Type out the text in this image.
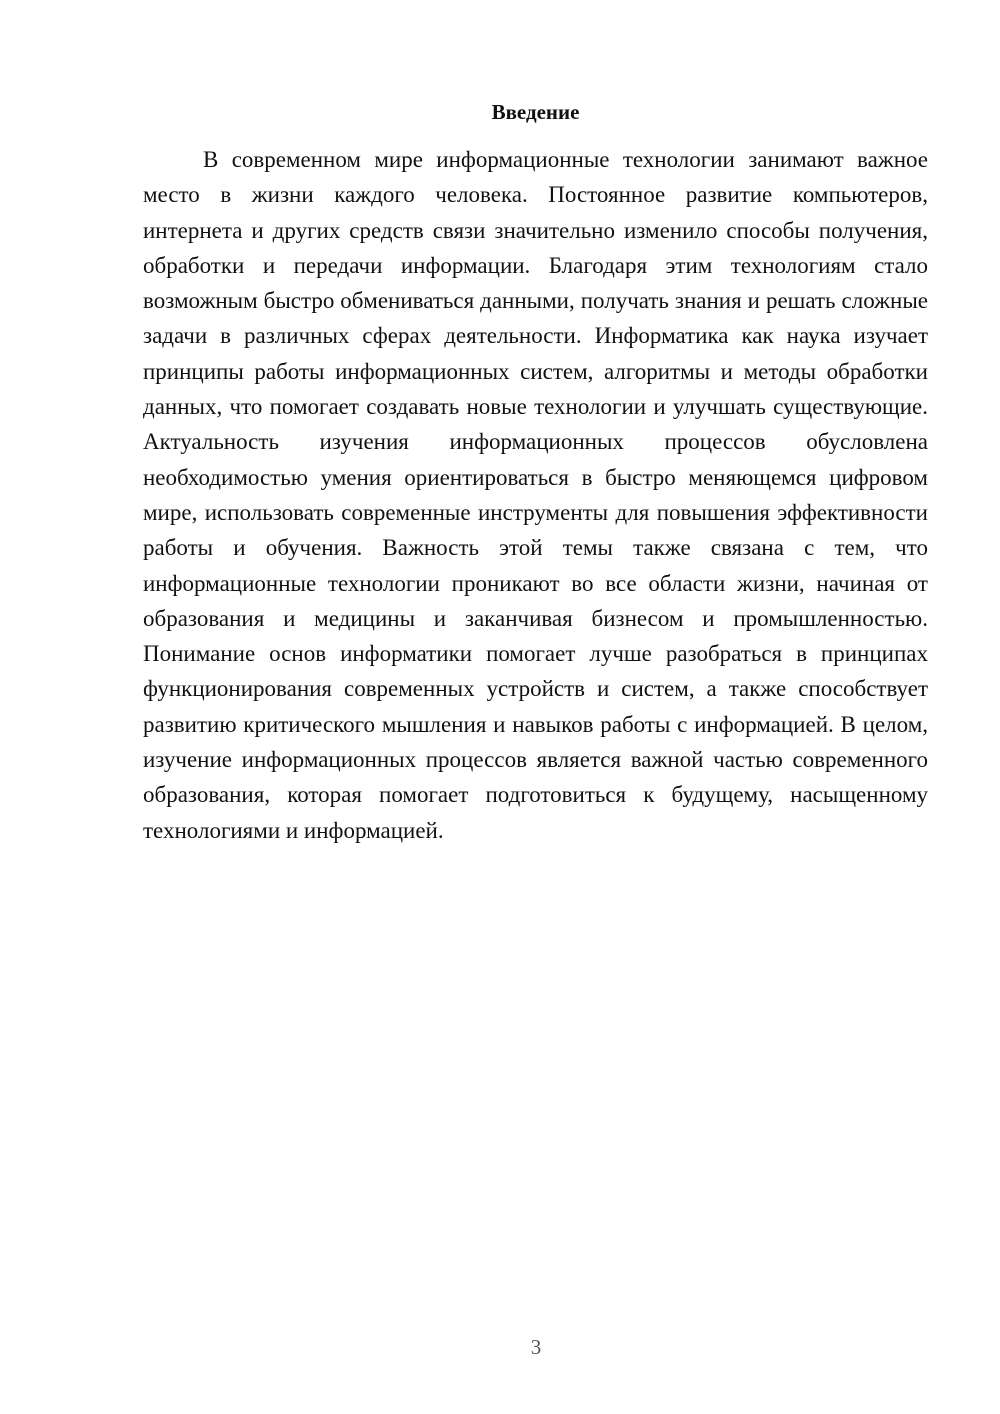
Введение

В современном мире информационные технологии занимают важное место в жизни каждого человека. Постоянное развитие компьютеров, интернета и других средств связи значительно изменило способы получения, обработки и передачи информации. Благодаря этим технологиям стало возможным быстро обмениваться данными, получать знания и решать сложные задачи в различных сферах деятельности. Информатика как наука изучает принципы работы информационных систем, алгоритмы и методы обработки данных, что помогает создавать новые технологии и улучшать существующие. Актуальность изучения информационных процессов обусловлена необходимостью умения ориентироваться в быстро меняющемся цифровом мире, использовать современные инструменты для повышения эффективности работы и обучения. Важность этой темы также связана с тем, что информационные технологии проникают во все области жизни, начиная от образования и медицины и заканчивая бизнесом и промышленностью. Понимание основ информатики помогает лучше разобраться в принципах функционирования современных устройств и систем, а также способствует развитию критического мышления и навыков работы с информацией. В целом, изучение информационных процессов является важной частью современного образования, которая помогает подготовиться к будущему, насыщенному технологиями и информацией.

3
